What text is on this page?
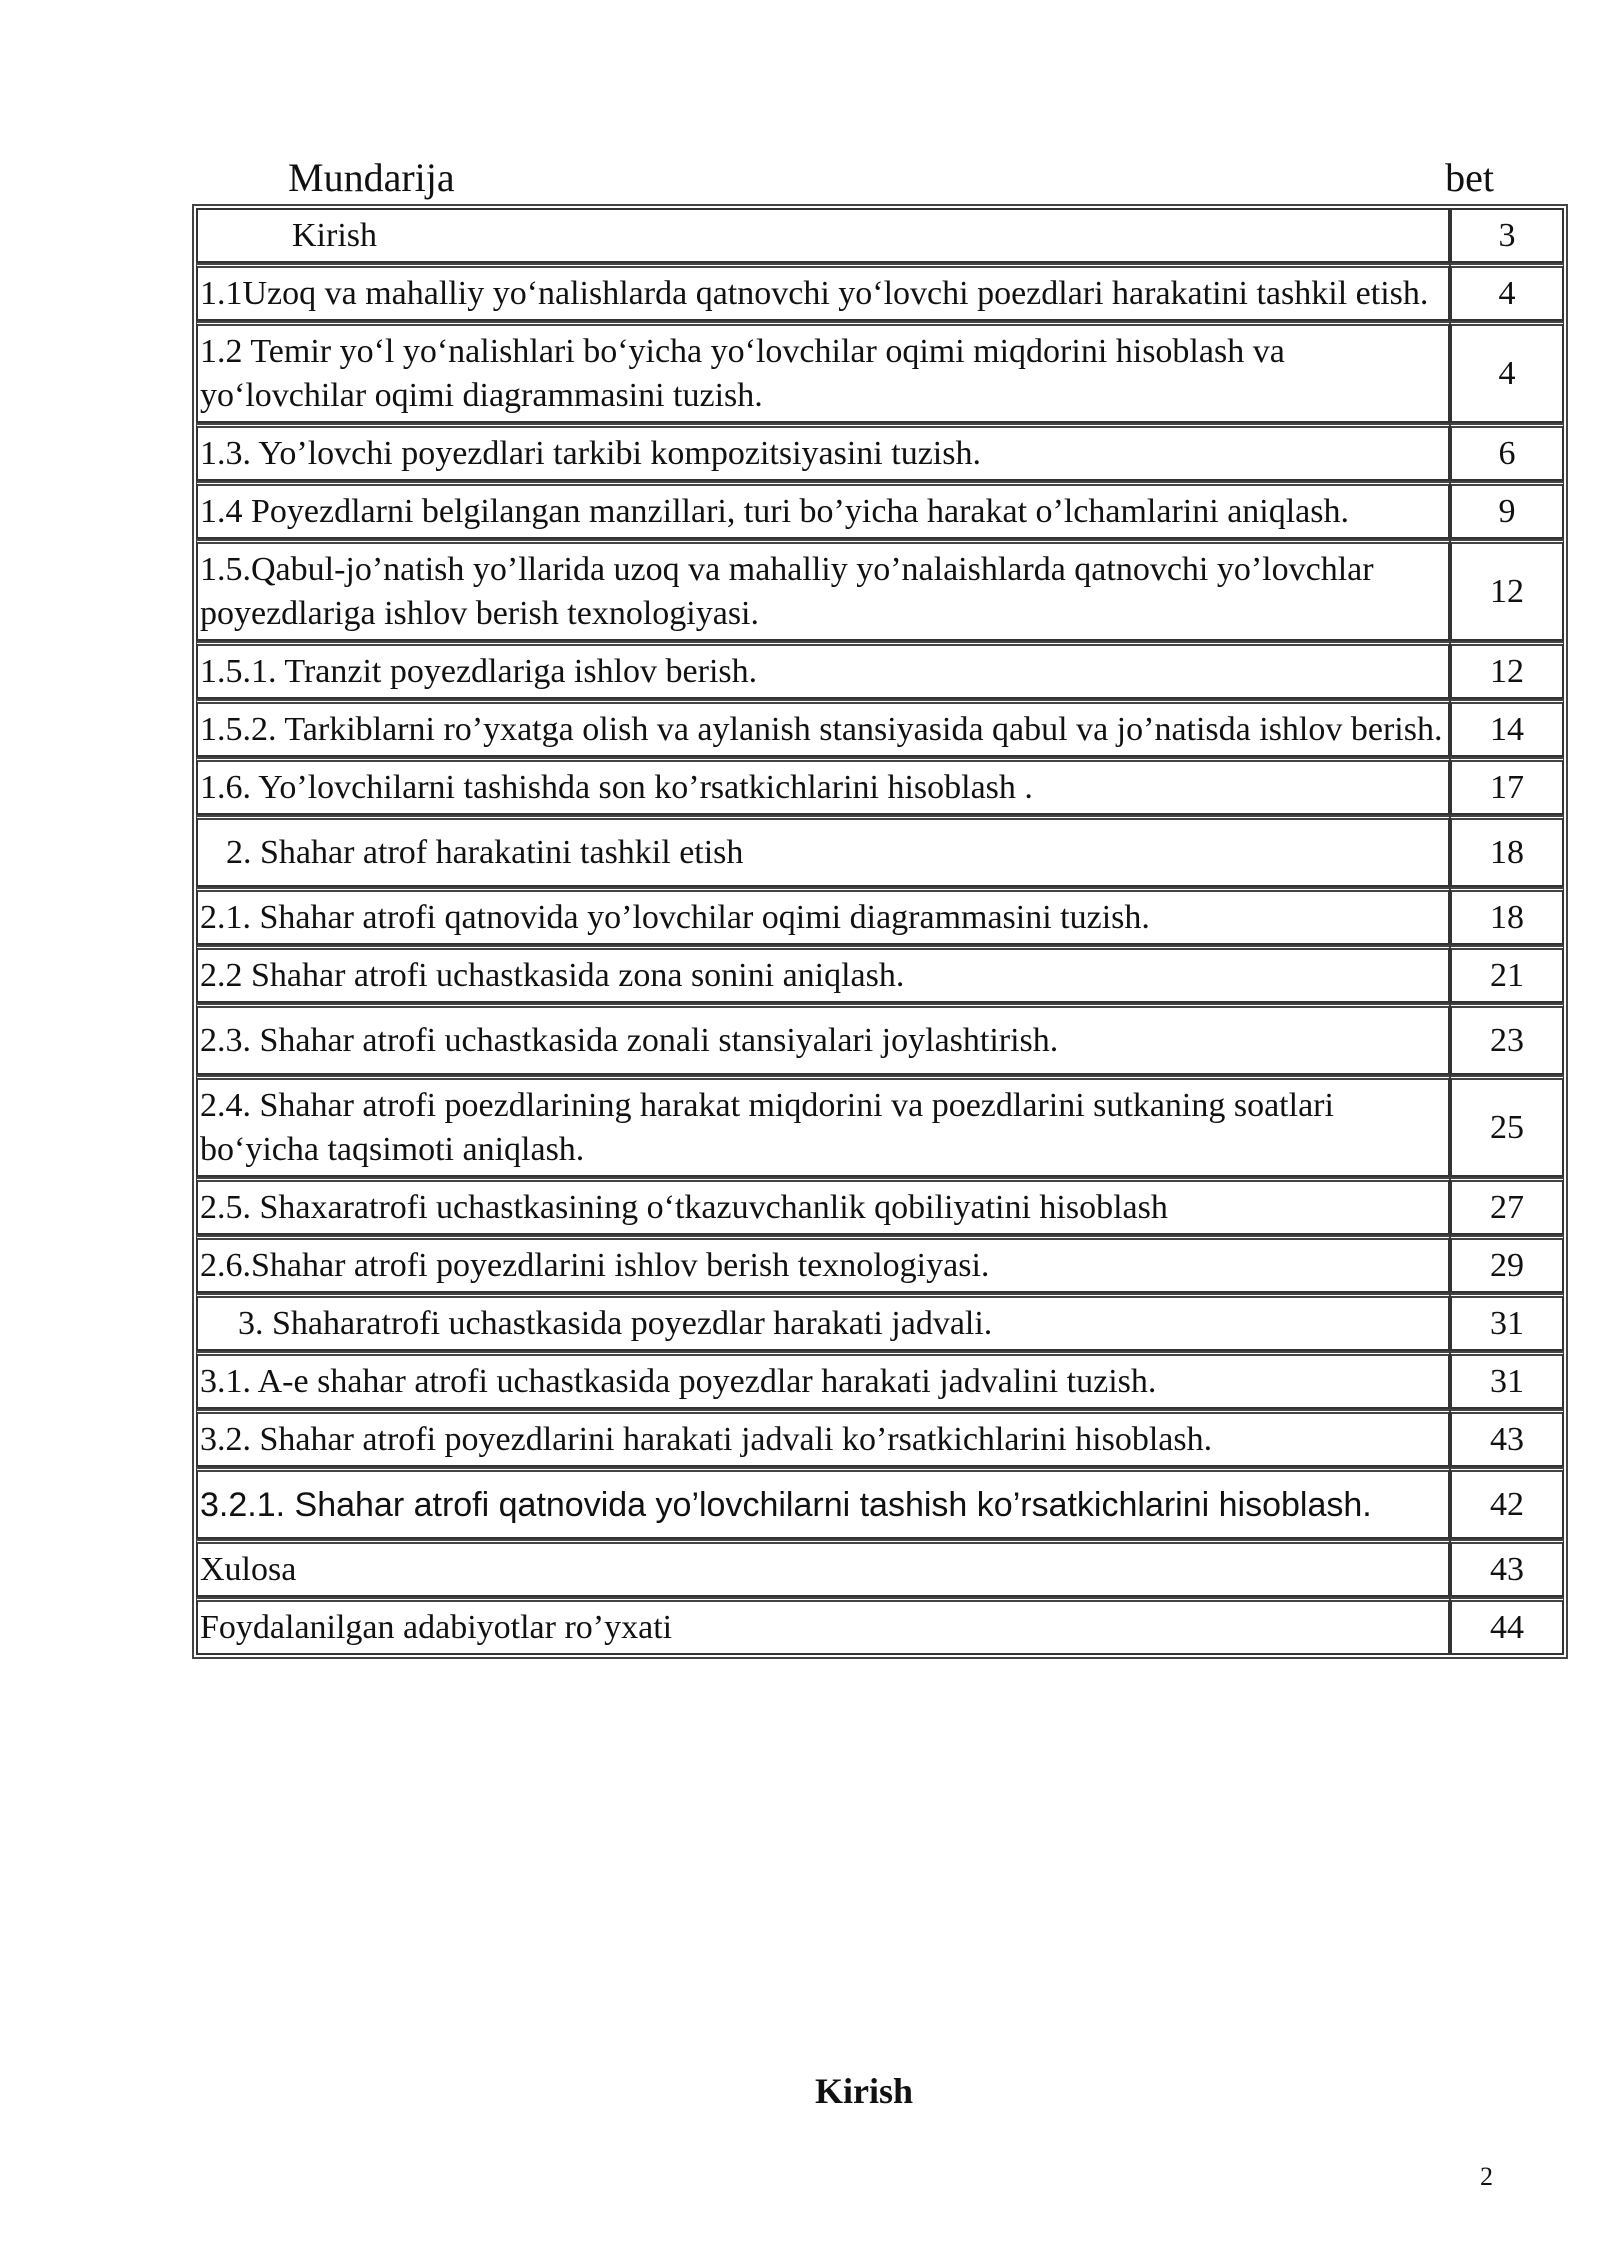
Mundarija	bet
Kirish	3
1.1Uzoq va mahalliy yo‘nalishlarda qatnovchi yo‘lovchi poezdlari harakatini tashkil etish.	4
1.2 Temir yo‘l yo‘nalishlari bo‘yicha yo‘lovchilar oqimi miqdorini hisoblash va yo‘lovchilar oqimi diagrammasini tuzish.	4
1.3. Yo’lovchi poyezdlari tarkibi kompozitsiyasini tuzish.	6
1.4 Poyezdlarni belgilangan manzillari, turi bo’yicha harakat o’lchamlarini aniqlash.	9
1.5.Qabul-jo’natish yo’llarida uzoq va mahalliy yo’nalaishlarda qatnovchi yo’lovchlar poyezdlariga ishlov berish texnologiyasi.	12
1.5.1. Tranzit poyezdlariga ishlov berish.	12
1.5.2. Tarkiblarni ro’yxatga olish va aylanish stansiyasida qabul va jo’natisda ishlov berish.	14
1.6. Yo’lovchilarni tashishda son ko’rsatkichlarini hisoblash .	17
2. Shahar atrof harakatini tashkil etish	18
2.1. Shahar atrofi qatnovida yo’lovchilar oqimi diagrammasini tuzish.	18
2.2 Shahar atrofi uchastkasida zona sonini aniqlash.	21
2.3. Shahar atrofi uchastkasida zonali stansiyalari joylashtirish.	23
2.4. Shahar atrofi poezdlarining harakat miqdorini va poezdlarini sutkaning soatlari bo‘yicha taqsimoti aniqlash.	25
2.5. Shaxaratrofi uchastkasining o‘tkazuvchanlik qobiliyatini hisoblash	27
2.6.Shahar atrofi poyezdlarini ishlov berish texnologiyasi.	29
3. Shaharatrofi uchastkasida poyezdlar harakati jadvali.	31
3.1. A-e shahar atrofi uchastkasida poyezdlar harakati jadvalini tuzish.	31
3.2. Shahar atrofi poyezdlarini harakati jadvali ko’rsatkichlarini hisoblash.	43
3.2.1. Shahar atrofi qatnovida yo’lovchilarni tashish ko’rsatkichlarini hisoblash.	42
Xulosa	43
Foydalanilgan adabiyotlar ro’yxati	44
Kirish
2
